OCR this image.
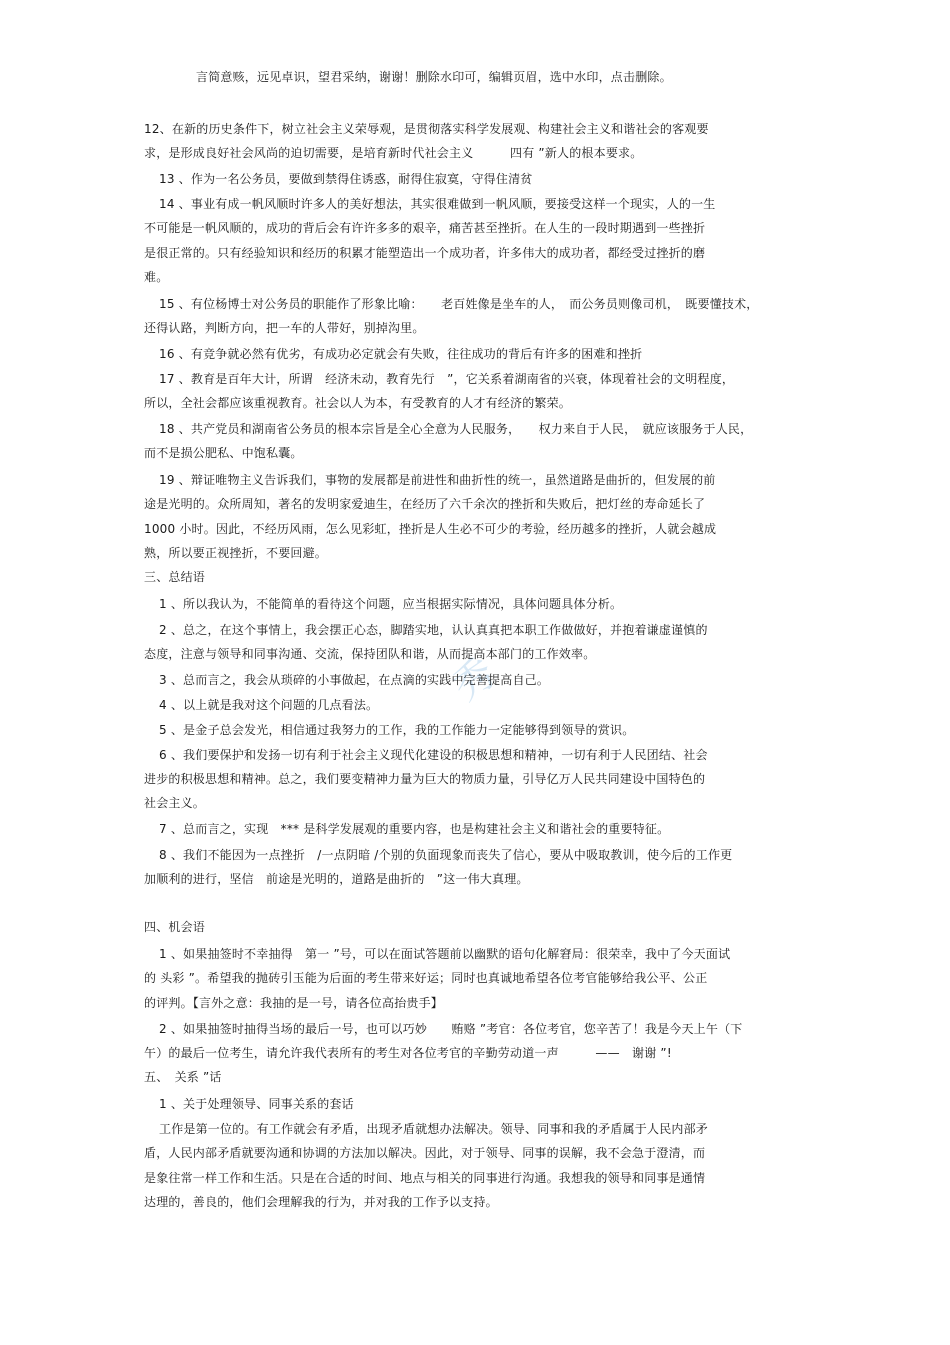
言简意赅，远见卓识，望君采纳，谢谢！删除水印可，编辑页眉，选中水印，点击删除。
秀
12、在新的历史条件下，树立社会主义荣辱观，是贯彻落实科学发展观、构建社会主义和谐社会的客观要
求，是形成良好社会风尚的迫切需要，是培育新时代社会主义　　　四有 ”新人的根本要求。
13 、作为一名公务员，要做到禁得住诱惑，耐得住寂寞，守得住清贫
14 、事业有成一帆风顺时许多人的美好想法，其实很难做到一帆风顺，要接受这样一个现实，人的一生
不可能是一帆风顺的，成功的背后会有许许多多的艰辛，痛苦甚至挫折。在人生的一段时期遇到一些挫折
是很正常的。只有经验知识和经历的积累才能塑造出一个成功者，许多伟大的成功者，都经受过挫折的磨
难。
15 、有位杨博士对公务员的职能作了形象比喻：　　老百姓像是坐车的人，　而公务员则像司机，　既要懂技术，
还得认路，判断方向，把一车的人带好，别掉沟里。
16 、有竞争就必然有优劣，有成功必定就会有失败，往往成功的背后有许多的困难和挫折
17 、教育是百年大计，所谓　经济未动，教育先行　”，它关系着湖南省的兴衰，体现着社会的文明程度，
所以，全社会都应该重视教育。社会以人为本，有受教育的人才有经济的繁荣。
18 、共产党员和湖南省公务员的根本宗旨是全心全意为人民服务，　　权力来自于人民，　就应该服务于人民，
而不是损公肥私、中饱私囊。
19 、辩证唯物主义告诉我们，事物的发展都是前进性和曲折性的统一，虽然道路是曲折的，但发展的前
途是光明的。众所周知，著名的发明家爱迪生，在经历了六千余次的挫折和失败后，把灯丝的寿命延长了
1000 小时。因此，不经历风雨，怎么见彩虹，挫折是人生必不可少的考验，经历越多的挫折，人就会越成
熟，所以要正视挫折，不要回避。
三、总结语
1 、所以我认为，不能简单的看待这个问题，应当根据实际情况，具体问题具体分析。
2 、总之，在这个事情上，我会摆正心态，脚踏实地，认认真真把本职工作做做好，并抱着谦虚谨慎的
态度，注意与领导和同事沟通、交流，保持团队和谐，从而提高本部门的工作效率。
3 、总而言之，我会从琐碎的小事做起，在点滴的实践中完善提高自己。
4 、以上就是我对这个问题的几点看法。
5 、是金子总会发光，相信通过我努力的工作，我的工作能力一定能够得到领导的赏识。
6 、我们要保护和发扬一切有利于社会主义现代化建设的积极思想和精神，一切有利于人民团结、社会
进步的积极思想和精神。总之，我们要变精神力量为巨大的物质力量，引导亿万人民共同建设中国特色的
社会主义。
7 、总而言之，实现　*** 是科学发展观的重要内容，也是构建社会主义和谐社会的重要特征。
8 、我们不能因为一点挫折　/一点阴暗 /个别的负面现象而丧失了信心，要从中吸取教训，使今后的工作更
加顺利的进行，坚信　前途是光明的，道路是曲折的　”这一伟大真理。
四、机会语
1 、如果抽签时不幸抽得　第一 ”号，可以在面试答题前以幽默的语句化解窘局：很荣幸，我中了今天面试
的 头彩 ”。希望我的抛砖引玉能为后面的考生带来好运；同时也真诚地希望各位考官能够给我公平、公正
的评判。【言外之意：我抽的是一号，请各位高抬贵手】
2 、如果抽签时抽得当场的最后一号，也可以巧妙　　贿赂 ”考官：各位考官，您辛苦了！我是今天上午（下
午）的最后一位考生，请允许我代表所有的考生对各位考官的辛勤劳动道一声　　　——　谢谢 ”!
五、　关系 ”话
1 、关于处理领导、同事关系的套话
工作是第一位的。有工作就会有矛盾，出现矛盾就想办法解决。领导、同事和我的矛盾属于人民内部矛
盾，人民内部矛盾就要沟通和协调的方法加以解决。因此，对于领导、同事的误解，我不会急于澄清，而
是象往常一样工作和生活。只是在合适的时间、地点与相关的同事进行沟通。我想我的领导和同事是通情
达理的，善良的，他们会理解我的行为，并对我的工作予以支持。
